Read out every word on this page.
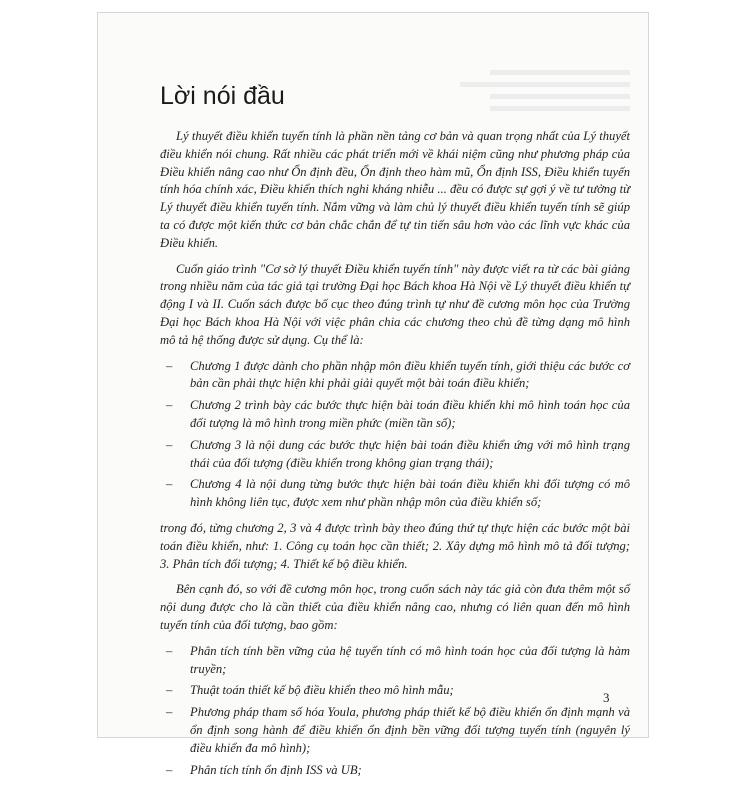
Lời nói đầu

Lý thuyết điều khiển tuyến tính là phần nền tảng cơ bản và quan trọng nhất của Lý thuyết điều khiển nói chung. Rất nhiều các phát triển mới về khái niệm cũng như phương pháp của Điều khiển nâng cao như Ổn định đều, Ổn định theo hàm mũ, Ổn định ISS, Điều khiển tuyến tính hóa chính xác, Điều khiển thích nghi kháng nhiễu ... đều có được sự gợi ý về tư tưởng từ Lý thuyết điều khiển tuyến tính. Nắm vững và làm chủ lý thuyết điều khiển tuyến tính sẽ giúp ta có được một kiến thức cơ bản chắc chắn để tự tin tiến sâu hơn vào các lĩnh vực khác của Điều khiển.

Cuốn giáo trình "Cơ sở lý thuyết Điều khiển tuyến tính" này được viết ra từ các bài giảng trong nhiều năm của tác giả tại trường Đại học Bách khoa Hà Nội về Lý thuyết điều khiển tự động I và II. Cuốn sách được bố cục theo đúng trình tự như đề cương môn học của Trường Đại học Bách khoa Hà Nội với việc phân chia các chương theo chủ đề từng dạng mô hình mô tả hệ thống được sử dụng. Cụ thể là:

– Chương 1 được dành cho phần nhập môn điều khiển tuyến tính, giới thiệu các bước cơ bản cần phải thực hiện khi phải giải quyết một bài toán điều khiển;
– Chương 2 trình bày các bước thực hiện bài toán điều khiển khi mô hình toán học của đối tượng là mô hình trong miền phức (miền tần số);
– Chương 3 là nội dung các bước thực hiện bài toán điều khiển ứng với mô hình trạng thái của đối tượng (điều khiển trong không gian trạng thái);
– Chương 4 là nội dung từng bước thực hiện bài toán điều khiển khi đối tượng có mô hình không liên tục, được xem như phần nhập môn của điều khiển số;

trong đó, từng chương 2, 3 và 4 được trình bày theo đúng thứ tự thực hiện các bước một bài toán điều khiển, như: 1. Công cụ toán học cần thiết; 2. Xây dựng mô hình mô tả đối tượng; 3. Phân tích đối tượng; 4. Thiết kế bộ điều khiển.

Bên cạnh đó, so với đề cương môn học, trong cuốn sách này tác giả còn đưa thêm một số nội dung được cho là cần thiết của điều khiển nâng cao, nhưng có liên quan đến mô hình tuyến tính của đối tượng, bao gồm:

– Phân tích tính bền vững của hệ tuyến tính có mô hình toán học của đối tượng là hàm truyền;
– Thuật toán thiết kế bộ điều khiển theo mô hình mẫu;
– Phương pháp tham số hóa Youla, phương pháp thiết kế bộ điều khiển ổn định mạnh và ổn định song hành để điều khiển ổn định bền vững đối tượng tuyến tính (nguyên lý điều khiển đa mô hình);
– Phân tích tính ổn định ISS và UB;
3
